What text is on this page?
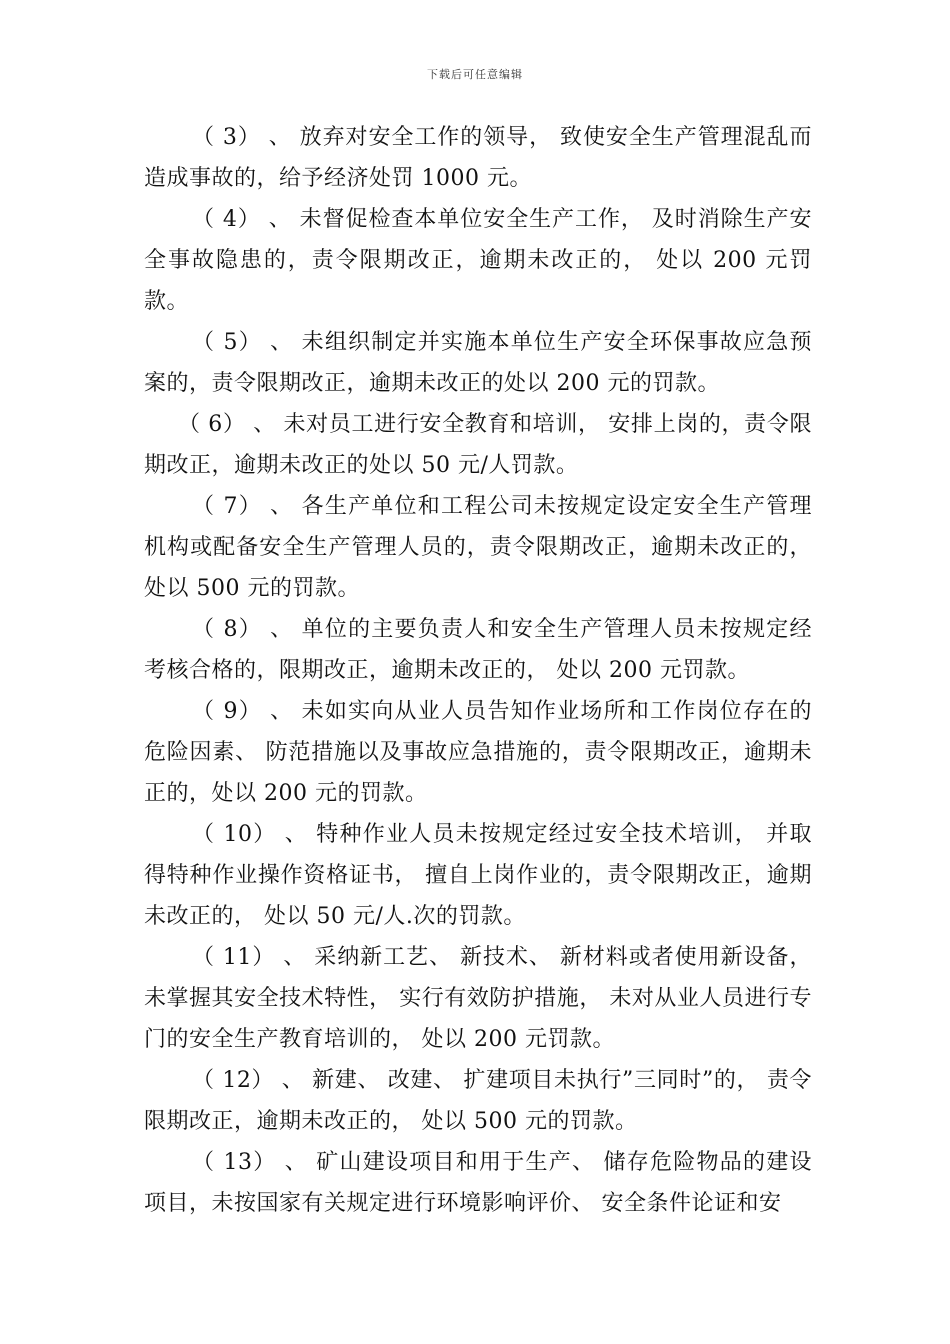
下载后可任意编辑

（ 3） 、 放弃对安全工作的领导， 致使安全生产管理混乱而造成事故的，给予经济处罚 1000 元。

（ 4） 、 未督促检查本单位安全生产工作， 及时消除生产安全事故隐患的，责令限期改正，逾期未改正的， 处以 200 元罚款。

（ 5） 、 未组织制定并实施本单位生产安全环保事故应急预案的，责令限期改正，逾期未改正的处以 200 元的罚款。

（ 6） 、 未对员工进行安全教育和培训， 安排上岗的，责令限期改正，逾期未改正的处以 50 元/人罚款。

（ 7） 、 各生产单位和工程公司未按规定设定安全生产管理机构或配备安全生产管理人员的，责令限期改正，逾期未改正的，处以 500 元的罚款。

（ 8） 、 单位的主要负责人和安全生产管理人员未按规定经考核合格的，限期改正，逾期未改正的， 处以 200 元罚款。

（ 9） 、 未如实向从业人员告知作业场所和工作岗位存在的危险因素、 防范措施以及事故应急措施的，责令限期改正，逾期未正的，处以 200 元的罚款。

（ 10） 、 特种作业人员未按规定经过安全技术培训， 并取得特种作业操作资格证书， 擅自上岗作业的，责令限期改正，逾期未改正的， 处以 50 元/人.次的罚款。

（ 11） 、 采纳新工艺、 新技术、 新材料或者使用新设备，未掌握其安全技术特性， 实行有效防护措施， 未对从业人员进行专门的安全生产教育培训的， 处以 200 元罚款。

（ 12） 、 新建、 改建、 扩建项目未执行”三同时”的， 责令限期改正，逾期未改正的， 处以 500 元的罚款。

（ 13） 、 矿山建设项目和用于生产、 储存危险物品的建设项目，未按国家有关规定进行环境影响评价、 安全条件论证和安
